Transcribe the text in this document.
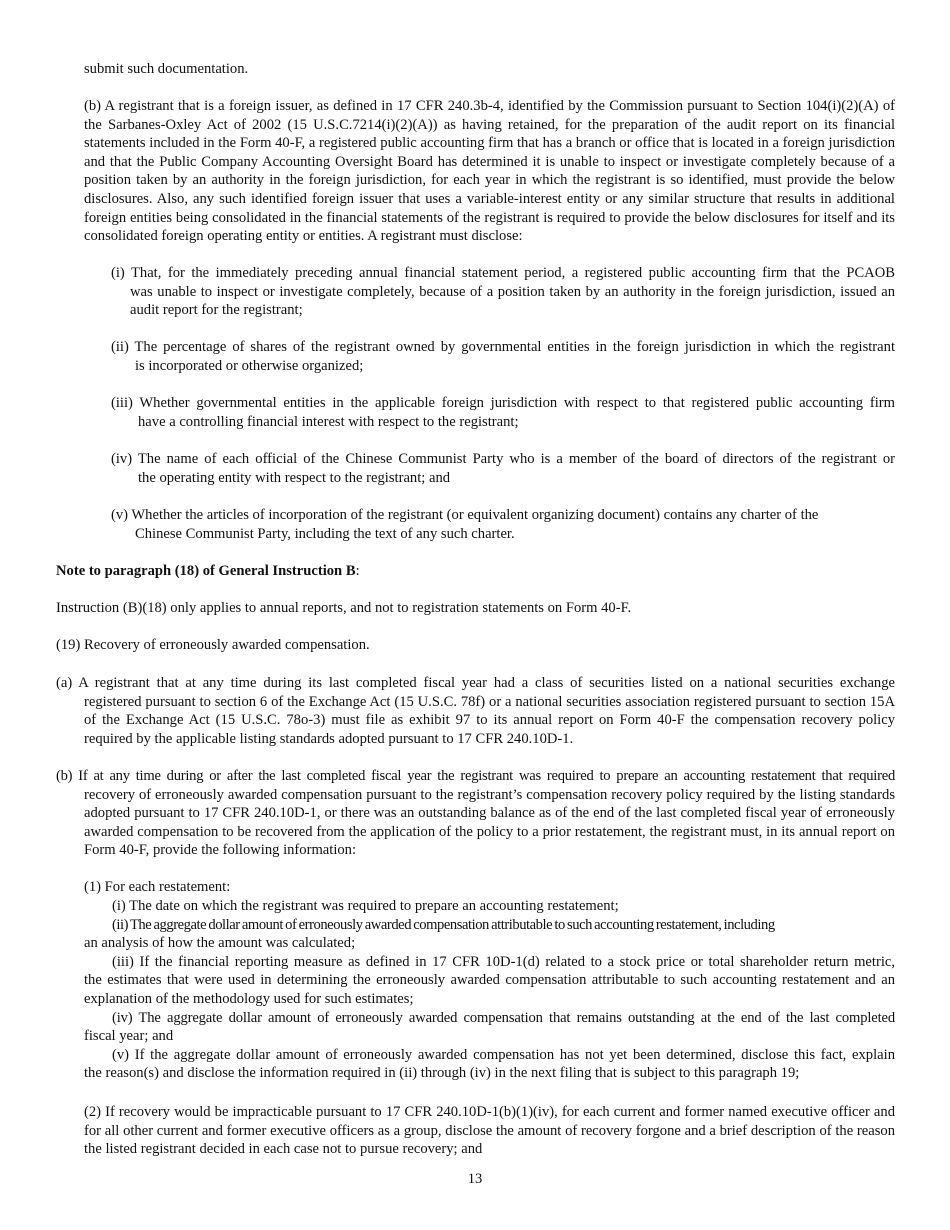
submit such documentation.

(b) A registrant that is a foreign issuer, as defined in 17 CFR 240.3b-4, identified by the Commission pursuant to Section 104(i)(2)(A) of the Sarbanes-Oxley Act of 2002 (15 U.S.C.7214(i)(2)(A)) as having retained, for the preparation of the audit report on its financial statements included in the Form 40-F, a registered public accounting firm that has a branch or office that is located in a foreign jurisdiction and that the Public Company Accounting Oversight Board has determined it is unable to inspect or investigate completely because of a position taken by an authority in the foreign jurisdiction, for each year in which the registrant is so identified, must provide the below disclosures. Also, any such identified foreign issuer that uses a variable-interest entity or any similar structure that results in additional foreign entities being consolidated in the financial statements of the registrant is required to provide the below disclosures for itself and its consolidated foreign operating entity or entities. A registrant must disclose:

(i) That, for the immediately preceding annual financial statement period, a registered public accounting firm that the PCAOB

was unable to inspect or investigate completely, because of a position taken by an authority in the foreign jurisdiction, issued an audit report for the registrant;

(ii) The percentage of shares of the registrant owned by governmental entities in the foreign jurisdiction in which the registrant

is incorporated or otherwise organized;

(iii) Whether governmental entities in the applicable foreign jurisdiction with respect to that registered public accounting firm

have a controlling financial interest with respect to the registrant;

(iv) The name of each official of the Chinese Communist Party who is a member of the board of directors of the registrant or

the operating entity with respect to the registrant; and

(v) Whether the articles of incorporation of the registrant (or equivalent organizing document) contains any charter of the

Chinese Communist Party, including the text of any such charter.

Note to paragraph (18) of General Instruction B:

Instruction (B)(18) only applies to annual reports, and not to registration statements on Form 40-F.

(19) Recovery of erroneously awarded compensation.

(a) A registrant that at any time during its last completed fiscal year had a class of securities listed on a national securities exchange

registered pursuant to section 6 of the Exchange Act (15 U.S.C. 78f) or a national securities association registered pursuant to section 15A of the Exchange Act (15 U.S.C. 78o-3) must file as exhibit 97 to its annual report on Form 40-F the compensation recovery policy required by the applicable listing standards adopted pursuant to 17 CFR 240.10D-1.

(b) If at any time during or after the last completed fiscal year the registrant was required to prepare an accounting restatement that required

recovery of erroneously awarded compensation pursuant to the registrant’s compensation recovery policy required by the listing standards adopted pursuant to 17 CFR 240.10D-1, or there was an outstanding balance as of the end of the last completed fiscal year of erroneously awarded compensation to be recovered from the application of the policy to a prior restatement, the registrant must, in its annual report on Form 40-F, provide the following information:

(1) For each restatement:

(i) The date on which the registrant was required to prepare an accounting restatement;

(ii) The aggregate dollar amount of erroneously awarded compensation attributable to such accounting restatement, including

an analysis of how the amount was calculated;

(iii) If the financial reporting measure as defined in 17 CFR 10D-1(d) related to a stock price or total shareholder return metric,

the estimates that were used in determining the erroneously awarded compensation attributable to such accounting restatement and an explanation of the methodology used for such estimates;

(iv) The aggregate dollar amount of erroneously awarded compensation that remains outstanding at the end of the last completed

fiscal year; and

(v) If the aggregate dollar amount of erroneously awarded compensation has not yet been determined, disclose this fact, explain

the reason(s) and disclose the information required in (ii) through (iv) in the next filing that is subject to this paragraph 19;

(2) If recovery would be impracticable pursuant to 17 CFR 240.10D-1(b)(1)(iv), for each current and former named executive officer and for all other current and former executive officers as a group, disclose the amount of recovery forgone and a brief description of the reason the listed registrant decided in each case not to pursue recovery; and

13
